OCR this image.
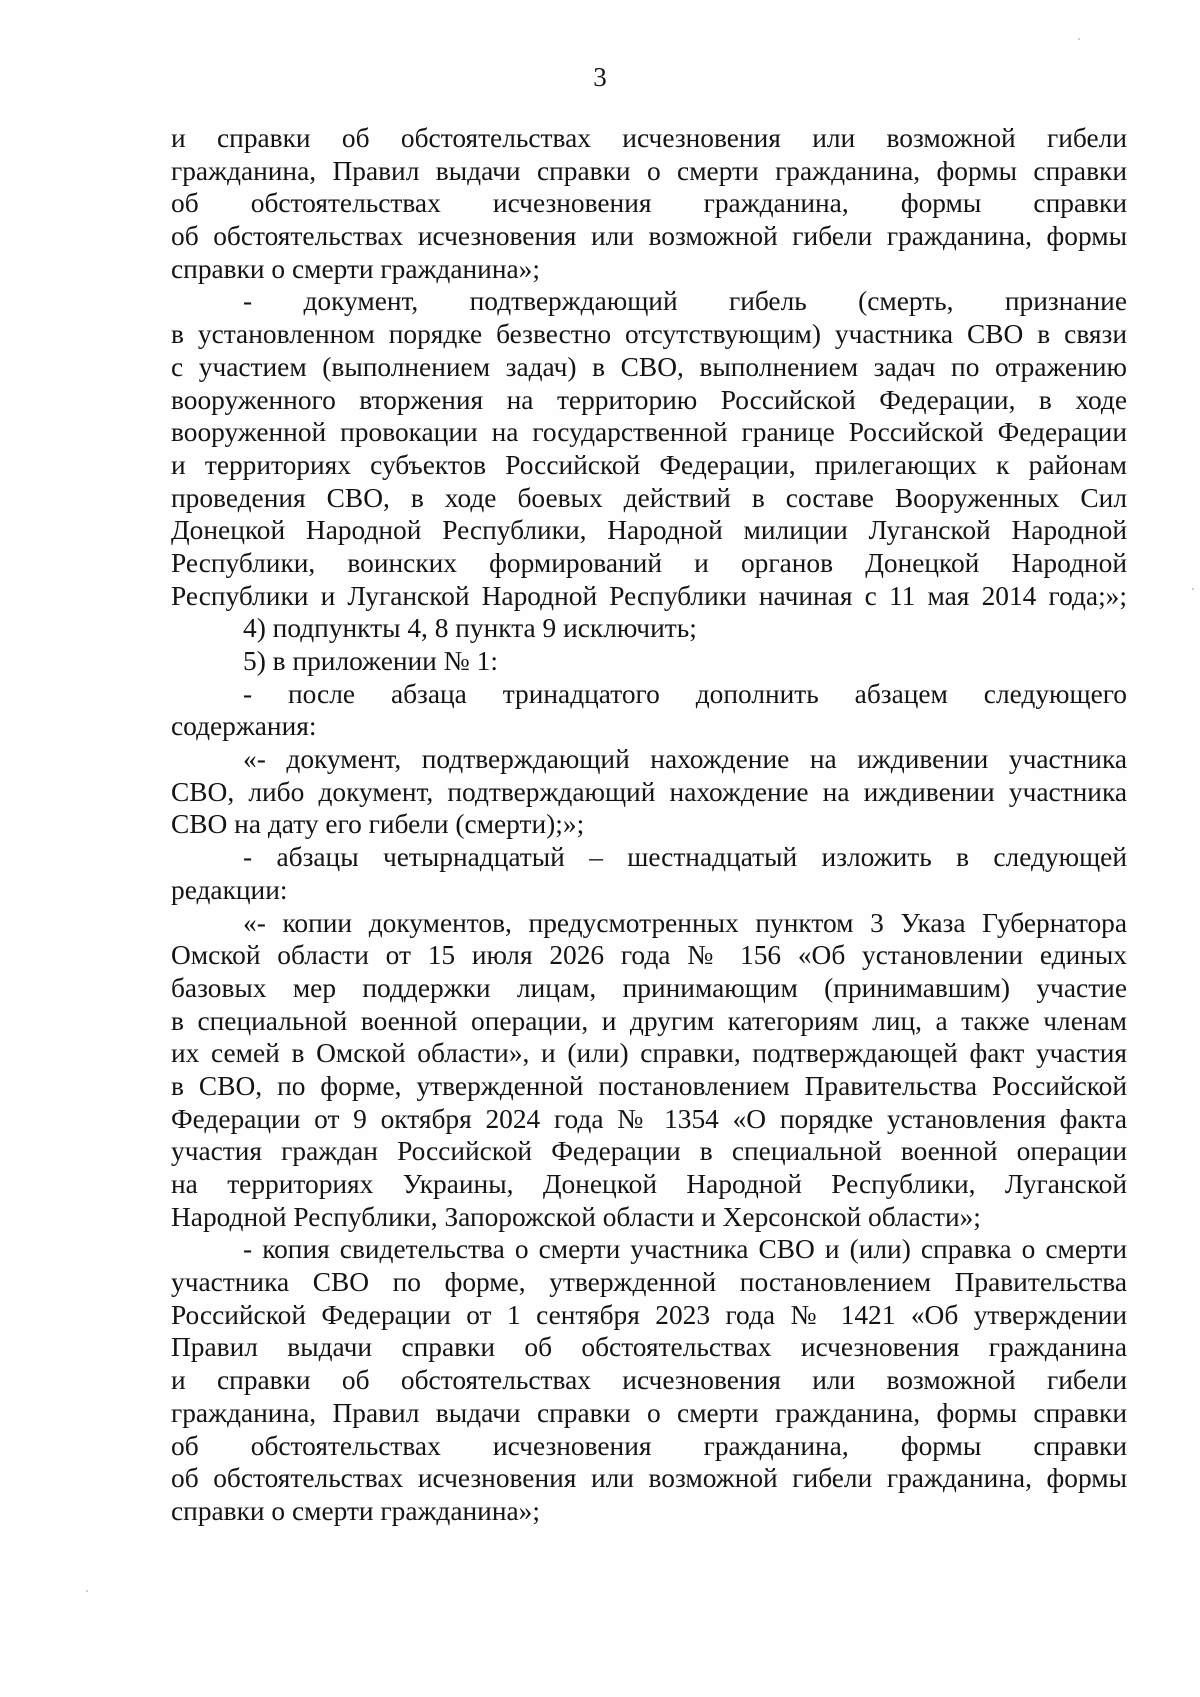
3
и справки об обстоятельствах исчезновения или возможной гибели
гражданина, Правил выдачи справки о смерти гражданина, формы справки
об обстоятельствах исчезновения гражданина, формы справки
об обстоятельствах исчезновения или возможной гибели гражданина, формы
справки о смерти гражданина»;
- документ, подтверждающий гибель (смерть, признание
в установленном порядке безвестно отсутствующим) участника СВО в связи
с участием (выполнением задач) в СВО, выполнением задач по отражению
вооруженного вторжения на территорию Российской Федерации, в ходе
вооруженной провокации на государственной границе Российской Федерации
и территориях субъектов Российской Федерации, прилегающих к районам
проведения СВО, в ходе боевых действий в составе Вооруженных Сил
Донецкой Народной Республики, Народной милиции Луганской Народной
Республики, воинских формирований и органов Донецкой Народной
Республики и Луганской Народной Республики начиная с 11 мая 2014 года;»;
4) подпункты 4, 8 пункта 9 исключить;
5) в приложении № 1:
- после абзаца тринадцатого дополнить абзацем следующего
содержания:
«- документ, подтверждающий нахождение на иждивении участника
СВО, либо документ, подтверждающий нахождение на иждивении участника
СВО на дату его гибели (смерти);»;
- абзацы четырнадцатый – шестнадцатый изложить в следующей
редакции:
«- копии документов, предусмотренных пунктом 3 Указа Губернатора
Омской области от 15 июля 2026 года № 156 «Об установлении единых
базовых мер поддержки лицам, принимающим (принимавшим) участие
в специальной военной операции, и другим категориям лиц, а также членам
их семей в Омской области», и (или) справки, подтверждающей факт участия
в СВО, по форме, утвержденной постановлением Правительства Российской
Федерации от 9 октября 2024 года № 1354 «О порядке установления факта
участия граждан Российской Федерации в специальной военной операции
на территориях Украины, Донецкой Народной Республики, Луганской
Народной Республики, Запорожской области и Херсонской области»;
- копия свидетельства о смерти участника СВО и (или) справка о смерти
участника СВО по форме, утвержденной постановлением Правительства
Российской Федерации от 1 сентября 2023 года № 1421 «Об утверждении
Правил выдачи справки об обстоятельствах исчезновения гражданина
и справки об обстоятельствах исчезновения или возможной гибели
гражданина, Правил выдачи справки о смерти гражданина, формы справки
об обстоятельствах исчезновения гражданина, формы справки
об обстоятельствах исчезновения или возможной гибели гражданина, формы
справки о смерти гражданина»;
